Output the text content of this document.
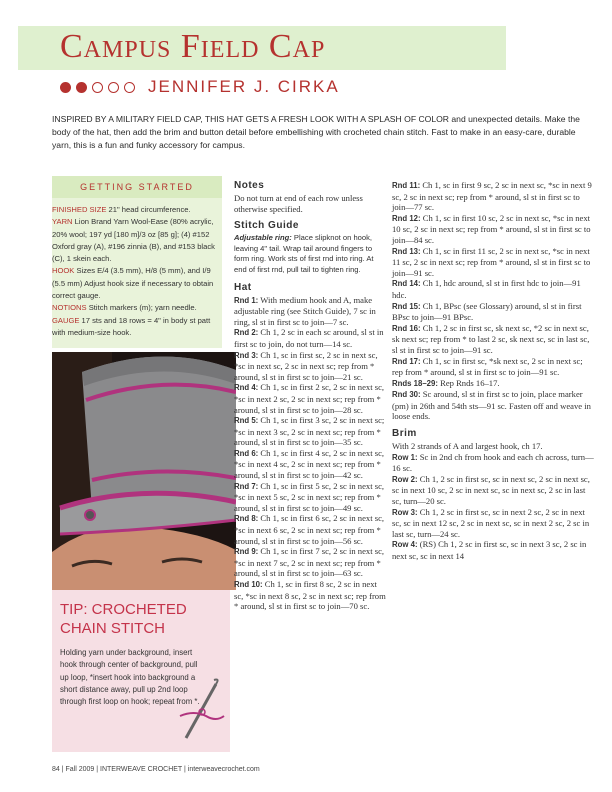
Campus Field Cap
JENNIFER J. CIRKA
INSPIRED BY A MILITARY FIELD CAP, THIS HAT GETS A FRESH LOOK WITH A SPLASH OF COLOR and unexpected details. Make the body of the hat, then add the brim and button detail before embellishing with crocheted chain stitch. Fast to make in an easy-care, durable yarn, this is a fun and funky accessory for campus.
GETTING STARTED
FINISHED SIZE 21" head circumference.
YARN Lion Brand Yarn Wool-Ease (80% acrylic, 20% wool; 197 yd [180 m]/3 oz [85 g]; (4) #152 Oxford gray (A), #196 zinnia (B), and #153 black (C), 1 skein each.
HOOK Sizes E/4 (3.5 mm), H/8 (5 mm), and I/9 (5.5 mm) Adjust hook size if necessary to obtain correct gauge.
NOTIONS Stitch markers (m); yarn needle.
GAUGE 17 sts and 18 rows = 4" in body st patt with medium-size hook.
TIP: CROCHETED CHAIN STITCH
Holding yarn under background, insert hook through center of background, pull up loop, *insert hook into background a short distance away, pull up 2nd loop through first loop on hook; repeat from *.
Notes
Do not turn at end of each row unless otherwise specified.
Stitch Guide
Adjustable ring: Place slipknot on hook, leaving 4" tail. Wrap tail around fingers to form ring. Work sts of first rnd into ring. At end of first rnd, pull tail to tighten ring.
Hat

Rnd 1: With medium hook and A, make adjustable ring (see Stitch Guide), 7 sc in ring, sl st in first sc to join—7 sc.

Rnd 2: Ch 1, 2 sc in each sc around, sl st in first sc to join, do not turn—14 sc.

Rnd 3: Ch 1, sc in first sc, 2 sc in next sc, *sc in next sc, 2 sc in next sc; rep from * around, sl st in first sc to join—21 sc.

Rnd 4: Ch 1, sc in first 2 sc, 2 sc in next sc, *sc in next 2 sc, 2 sc in next sc; rep from * around, sl st in first sc to join—28 sc.

Rnd 5: Ch 1, sc in first 3 sc, 2 sc in next sc; *sc in next 3 sc, 2 sc in next sc; rep from * around, sl st in first sc to join—35 sc.

Rnd 6: Ch 1, sc in first 4 sc, 2 sc in next sc, *sc in next 4 sc, 2 sc in next sc; rep from * around, sl st in first sc to join—42 sc.

Rnd 7: Ch 1, sc in first 5 sc, 2 sc in next sc, *sc in next 5 sc, 2 sc in next sc; rep from * around, sl st in first sc to join—49 sc.

Rnd 8: Ch 1, sc in first 6 sc, 2 sc in next sc, *sc in next 6 sc, 2 sc in next sc; rep from * around, sl st in first sc to join—56 sc.

Rnd 9: Ch 1, sc in first 7 sc, 2 sc in next sc, *sc in next 7 sc, 2 sc in next sc; rep from * around, sl st in first sc to join—63 sc.

Rnd 10: Ch 1, sc in first 8 sc, 2 sc in next sc, *sc in next 8 sc, 2 sc in next sc; rep from * around, sl st in first sc to join—70 sc.

Rnd 11: Ch 1, sc in first 9 sc, 2 sc in next sc, *sc in next 9 sc, 2 sc in next sc; rep from * around, sl st in first sc to join—77 sc.

Rnd 12: Ch 1, sc in first 10 sc, 2 sc in next sc, *sc in next 10 sc, 2 sc in next sc; rep from * around, sl st in first sc to join—84 sc.

Rnd 13: Ch 1, sc in first 11 sc, 2 sc in next sc, *sc in next 11 sc, 2 sc in next sc; rep from * around, sl st in first sc to join—91 sc.

Rnd 14: Ch 1, hdc around, sl st in first hdc to join—91 hdc.

Rnd 15: Ch 1, BPsc (see Glossary) around, sl st in first BPsc to join—91 BPsc.

Rnd 16: Ch 1, 2 sc in first sc, sk next sc, *2 sc in next sc, sk next sc; rep from * to last 2 sc, sk next sc, sc in last sc, sl st in first sc to join—91 sc.

Rnd 17: Ch 1, sc in first sc, *sk next sc, 2 sc in next sc; rep from * around, sl st in first sc to join—91 sc.

Rnds 18–29: Rep Rnds 16–17.

Rnd 30: Sc around, sl st in first sc to join, place marker (pm) in 26th and 54th sts—91 sc. Fasten off and weave in loose ends.

Brim
With 2 strands of A and largest hook, ch 17.

Row 1: Sc in 2nd ch from hook and each ch across, turn—16 sc.

Row 2: Ch 1, 2 sc in first sc, sc in next sc, 2 sc in next sc, sc in next 10 sc, 2 sc in next sc, sc in next sc, 2 sc in last sc, turn—20 sc.

Row 3: Ch 1, 2 sc in first sc, sc in next 2 sc, 2 sc in next sc, sc in next 12 sc, 2 sc in next sc, sc in next 2 sc, 2 sc in last sc, turn—24 sc.

Row 4: (RS) Ch 1, 2 sc in first sc, sc in next 3 sc, 2 sc in next sc, sc in next 14

84 | Fall 2009 | INTERWEAVE CROCHET | interweavecrochet.com
